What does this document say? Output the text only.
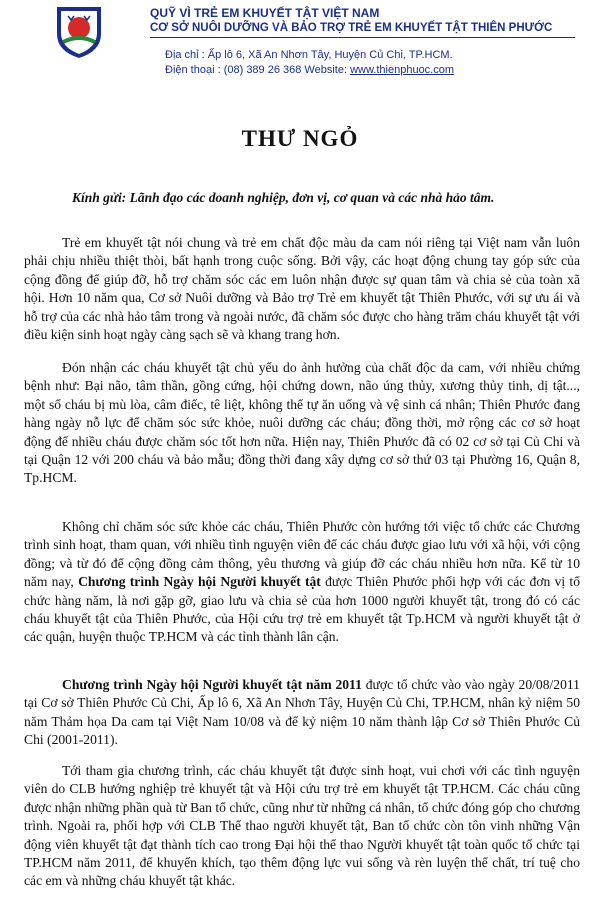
QUỸ VÌ TRẺ EM KHUYẾT TẬT VIỆT NAM
CƠ SỞ NUÔI DƯỠNG VÀ BẢO TRỢ TRẺ EM KHUYẾT TẬT THIÊN PHƯỚC
Địa chỉ : Ấp lô 6, Xã An Nhơn Tây, Huyện Củ Chi, TP.HCM.
Điện thoại : (08) 389 26 368 Website: www.thienphuoc.com
THƯ NGỎ
Kính gửi: Lãnh đạo các doanh nghiệp, đơn vị, cơ quan và các nhà hảo tâm.

Trẻ em khuyết tật nói chung và trẻ em chất độc màu da cam nói riêng tại Việt nam vẫn luôn phải chịu nhiều thiệt thòi, bất hạnh trong cuộc sống. Bởi vậy, các hoạt động chung tay góp sức của cộng đồng để giúp đỡ, hỗ trợ chăm sóc các em luôn nhận được sự quan tâm và chia sẻ của toàn xã hội. Hơn 10 năm qua, Cơ sở Nuôi dưỡng và Bảo trợ Trẻ em khuyết tật Thiên Phước, với sự ưu ái và hỗ trợ của các nhà hảo tâm trong và ngoài nước, đã chăm sóc được cho hàng trăm cháu khuyết tật với điều kiện sinh hoạt ngày càng sạch sẽ và khang trang hơn.

Đón nhận các cháu khuyết tật chủ yếu do ảnh hưởng của chất độc da cam, với nhiều chứng bệnh như: Bại não, tâm thần, gồng cứng, hội chứng down, não úng thủy, xương thủy tinh, dị tật..., một số cháu bị mù lòa, câm điếc, tê liệt, không thể tự ăn uống và vệ sinh cá nhân; Thiên Phước đang hàng ngày nỗ lực để chăm sóc sức khỏe, nuôi dưỡng các cháu; đồng thời, mở rộng các cơ sở hoạt động để nhiều cháu được chăm sóc tốt hơn nữa. Hiện nay, Thiên Phước đã có 02 cơ sở tại Củ Chi và tại Quận 12 với 200 cháu và bảo mẫu; đồng thời đang xây dựng cơ sở thứ 03 tại Phường 16, Quận 8, Tp.HCM.

Không chỉ chăm sóc sức khỏe các cháu, Thiên Phước còn hướng tới việc tổ chức các Chương trình sinh hoạt, tham quan, với nhiều tình nguyện viên để các cháu được giao lưu với xã hội, với cộng đồng; và từ đó để cộng đồng cảm thông, yêu thương và giúp đỡ các cháu nhiều hơn nữa. Kể từ 10 năm nay, Chương trình Ngày hội Người khuyết tật được Thiên Phước phối hợp với các đơn vị tổ chức hàng năm, là nơi gặp gỡ, giao lưu và chia sẻ của hơn 1000 người khuyết tật, trong đó có các cháu khuyết tật của Thiên Phước, của Hội cứu trợ trẻ em khuyết tật Tp.HCM và người khuyết tật ở các quận, huyện thuộc TP.HCM và các tỉnh thành lân cận.

Chương trình Ngày hội Người khuyết tật năm 2011 được tổ chức vào vào ngày 20/08/2011 tại Cơ sở Thiên Phước Củ Chi, Ấp lô 6, Xã An Nhơn Tây, Huyện Củ Chi, TP.HCM, nhân kỷ niệm 50 năm Thảm họa Da cam tại Việt Nam 10/08 và để kỷ niệm 10 năm thành lập Cơ sở Thiên Phước Củ Chi (2001-2011).

Tới tham gia chương trình, các cháu khuyết tật được sinh hoạt, vui chơi với các tình nguyện viên do CLB hướng nghiệp trẻ khuyết tật và Hội cứu trợ trẻ em khuyết tật TP.HCM. Các cháu cũng được nhận những phần quà từ Ban tổ chức, cũng như từ những cá nhân, tổ chức đóng góp cho chương trình. Ngoài ra, phối hợp với CLB Thể thao người khuyết tật, Ban tổ chức còn tôn vinh những Vận động viên khuyết tật đạt thành tích cao trong Đại hội thể thao Người khuyết tật toàn quốc tổ chức tại TP.HCM năm 2011, để khuyến khích, tạo thêm động lực vui sống và rèn luyện thể chất, trí tuệ cho các em và những cháu khuyết tật khác.
